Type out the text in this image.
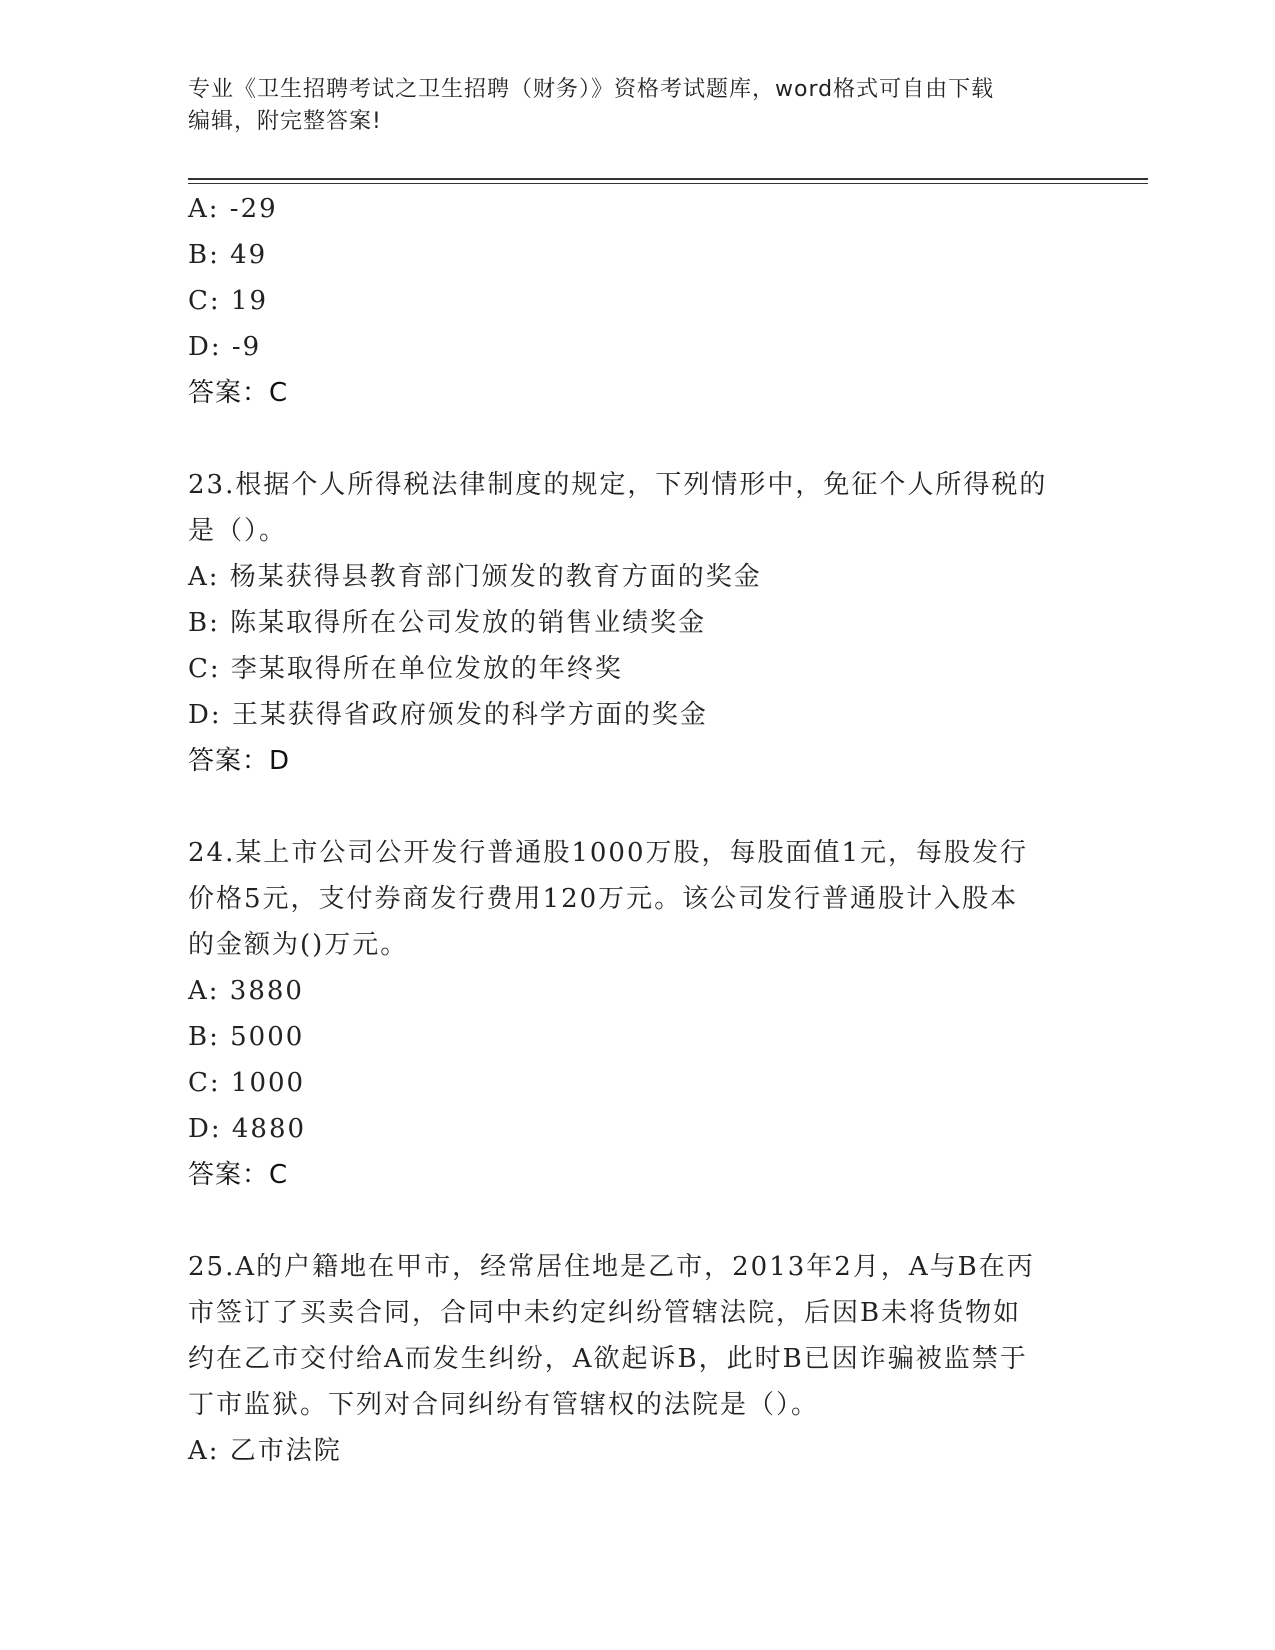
专业《卫生招聘考试之卫生招聘（财务）》资格考试题库，word格式可自由下载
编辑，附完整答案!
A: -29
B: 49
C: 19
D: -9
答案：C
23.根据个人所得税法律制度的规定，下列情形中，免征个人所得税的
是（）。
A: 杨某获得县教育部门颁发的教育方面的奖金
B: 陈某取得所在公司发放的销售业绩奖金
C: 李某取得所在单位发放的年终奖
D: 王某获得省政府颁发的科学方面的奖金
答案：D
24.某上市公司公开发行普通股1000万股，每股面值1元，每股发行
价格5元，支付券商发行费用120万元。该公司发行普通股计入股本
的金额为()万元。
A: 3880
B: 5000
C: 1000
D: 4880
答案：C
25.A的户籍地在甲市，经常居住地是乙市，2013年2月，A与B在丙
市签订了买卖合同，合同中未约定纠纷管辖法院，后因B未将货物如
约在乙市交付给A而发生纠纷，A欲起诉B，此时B已因诈骗被监禁于
丁市监狱。下列对合同纠纷有管辖权的法院是（）。
A: 乙市法院
